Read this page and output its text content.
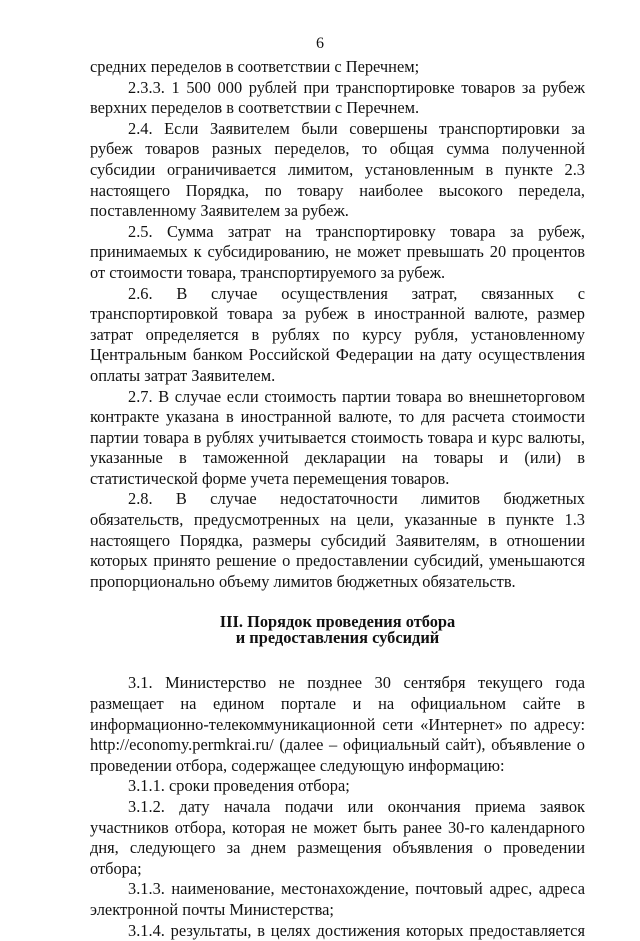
6

средних переделов в соответствии с Перечнем;

2.3.3. 1 500 000 рублей при транспортировке товаров за рубеж верхних переделов в соответствии с Перечнем.

2.4. Если Заявителем были совершены транспортировки за рубеж товаров разных переделов, то общая сумма полученной субсидии ограничивается лимитом, установленным в пункте 2.3 настоящего Порядка, по товару наиболее высокого передела, поставленному Заявителем за рубеж.

2.5. Сумма затрат на транспортировку товара за рубеж, принимаемых к субсидированию, не может превышать 20 процентов от стоимости товара, транспортируемого за рубеж.

2.6. В случае осуществления затрат, связанных с транспортировкой товара за рубеж в иностранной валюте, размер затрат определяется в рублях по курсу рубля, установленному Центральным банком Российской Федерации на дату осуществления оплаты затрат Заявителем.

2.7. В случае если стоимость партии товара во внешнеторговом контракте указана в иностранной валюте, то для расчета стоимости партии товара в рублях учитывается стоимость товара и курс валюты, указанные в таможенной декларации на товары и (или) в статистической форме учета перемещения товаров.

2.8. В случае недостаточности лимитов бюджетных обязательств, предусмотренных на цели, указанные в пункте 1.3 настоящего Порядка, размеры субсидий Заявителям, в отношении которых принято решение о предоставлении субсидий, уменьшаются пропорционально объему лимитов бюджетных обязательств.

III. Порядок проведения отбора
и предоставления субсидий

3.1. Министерство не позднее 30 сентября текущего года размещает на едином портале и на официальном сайте в информационно-телекоммуникационной сети «Интернет» по адресу: http://economy.permkrai.ru/ (далее – официальный сайт), объявление о проведении отбора, содержащее следующую информацию:

3.1.1. сроки проведения отбора;

3.1.2. дату начала подачи или окончания приема заявок участников отбора, которая не может быть ранее 30-го календарного дня, следующего за днем размещения объявления о проведении отбора;

3.1.3. наименование, местонахождение, почтовый адрес, адреса электронной почты Министерства;

3.1.4. результаты, в целях достижения которых предоставляется
